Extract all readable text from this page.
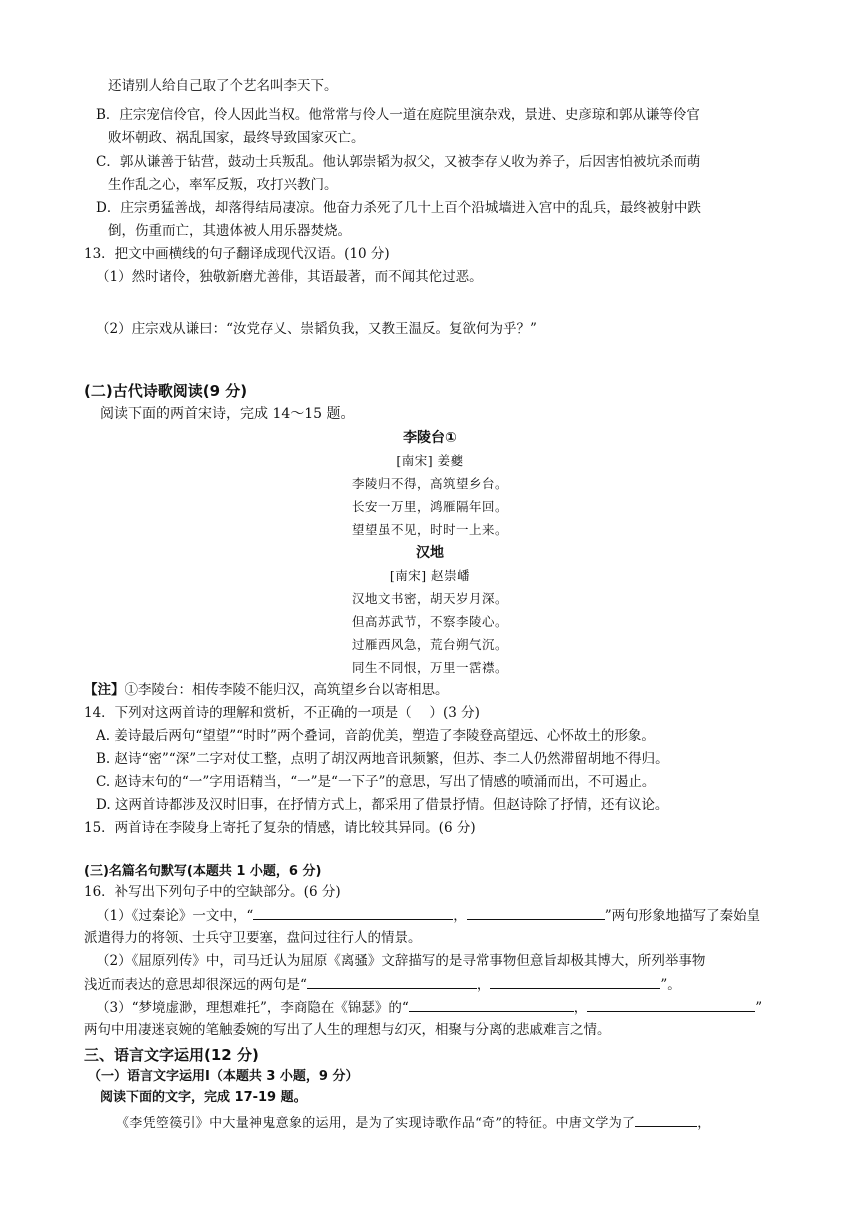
还请别人给自己取了个艺名叫李天下。
B．庄宗宠信伶官，伶人因此当权。他常常与伶人一道在庭院里演杂戏，景进、史彦琼和郭从谦等伶官
败坏朝政、祸乱国家，最终导致国家灭亡。
C．郭从谦善于钻营，鼓动士兵叛乱。他认郭崇韬为叔父，又被李存乂收为养子，后因害怕被坑杀而萌
生作乱之心，率军反叛，攻打兴教门。
D．庄宗勇猛善战，却落得结局凄凉。他奋力杀死了几十上百个沿城墙进入宫中的乱兵，最终被射中跌
倒，伤重而亡，其遗体被人用乐器焚烧。
13．把文中画横线的句子翻译成现代汉语。(10 分)
（1）然时诸伶，独敬新磨尤善俳，其语最著，而不闻其佗过恶。
（2）庄宗戏从谦曰：“汝党存乂、崇韬负我，又教王温反。复欲何为乎？”
(二)古代诗歌阅读(9 分)
阅读下面的两首宋诗，完成 14～15 题。
李陵台①
[南宋] 姜夔
李陵归不得，高筑望乡台。
长安一万里，鸿雁隔年回。
望望虽不见，时时一上来。
汉地
[南宋] 赵崇嶓
汉地文书密，胡天岁月深。
但高苏武节，不察李陵心。
过雁西风急，荒台朔气沉。
同生不同恨，万里一霑襟。
【注】①李陵台：相传李陵不能归汉，高筑望乡台以寄相思。
14．下列对这两首诗的理解和赏析，不正确的一项是（　 ）(3 分)
A. 姜诗最后两句“望望”“时时”两个叠词，音韵优美，塑造了李陵登高望远、心怀故土的形象。
B. 赵诗“密”“深”二字对仗工整，点明了胡汉两地音讯频繁，但苏、李二人仍然滞留胡地不得归。
C. 赵诗末句的“一”字用语精当，“一”是“一下子”的意思，写出了情感的喷涌而出，不可遏止。
D. 这两首诗都涉及汉时旧事，在抒情方式上，都采用了借景抒情。但赵诗除了抒情，还有议论。
15．两首诗在李陵身上寄托了复杂的情感，请比较其异同。(6 分)
(三)名篇名句默写(本题共 1 小题，6 分)
16．补写出下列句子中的空缺部分。(6 分)
（1）《过秦论》一文中，“	，	”两句形象地描写了秦始皇
派遣得力的将领、士兵守卫要塞，盘问过往行人的情景。
（2）《屈原列传》中，司马迁认为屈原《离骚》文辞描写的是寻常事物但意旨却极其博大，所列举事物
浅近而表达的意思却很深远的两句是“	，	”。
（3）“梦境虚渺，理想难托”，李商隐在《锦瑟》的“	，	”
两句中用凄迷哀婉的笔触委婉的写出了人生的理想与幻灭，相聚与分离的悲戚难言之情。
三、语言文字运用(12 分)
（一）语言文字运用Ⅰ（本题共 3 小题，9 分）
阅读下面的文字，完成 17-19 题。
《李凭箜篌引》中大量神鬼意象的运用，是为了实现诗歌作品“奇”的特征。中唐文学为了	，
